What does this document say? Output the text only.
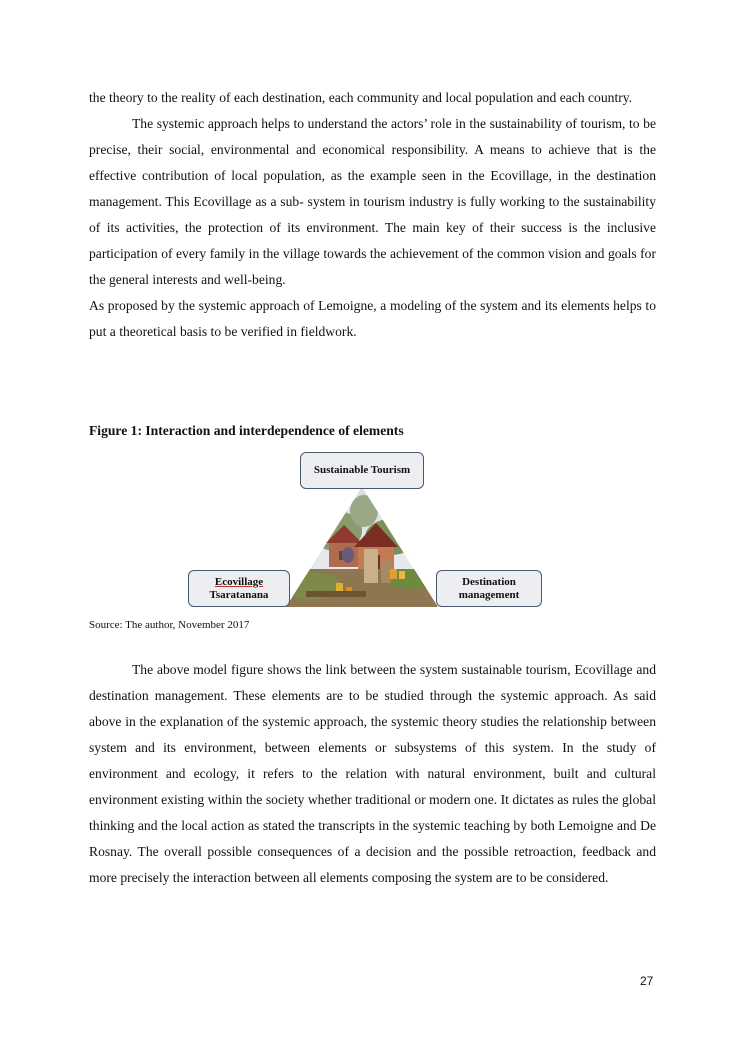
the theory to the reality of each destination, each community and local population and each country.

The systemic approach helps to understand the actors’ role in the sustainability of tourism, to be precise, their social, environmental and economical responsibility. A means to achieve that is the effective contribution of local population, as the example seen in the Ecovillage, in the destination management. This Ecovillage as a sub- system in tourism industry is fully working to the sustainability of its activities, the protection of its environment. The main key of their success is the inclusive participation of every family in the village towards the achievement of the common vision and goals for the general interests and well-being.

As proposed by the systemic approach of Lemoigne, a modeling of the system and its elements helps to put a theoretical basis to be verified in fieldwork.

Figure 1: Interaction and interdependence of elements
Sustainable Tourism
Ecovillage
Tsaratanana
Destination
management
Source: The author, November 2017

The above model figure shows the link between the system sustainable tourism, Ecovillage and destination management. These elements are to be studied through the systemic approach. As said above in the explanation of the systemic approach, the systemic theory studies the relationship between system and its environment, between elements or subsystems of this system. In the study of environment and ecology, it refers to the relation with natural environment, built and cultural environment existing within the society whether traditional or modern one. It dictates as rules the global thinking and the local action as stated the transcripts in the systemic teaching by both Lemoigne and De Rosnay. The overall possible consequences of a decision and the possible retroaction, feedback and more precisely the interaction between all elements composing the system are to be considered.

27
